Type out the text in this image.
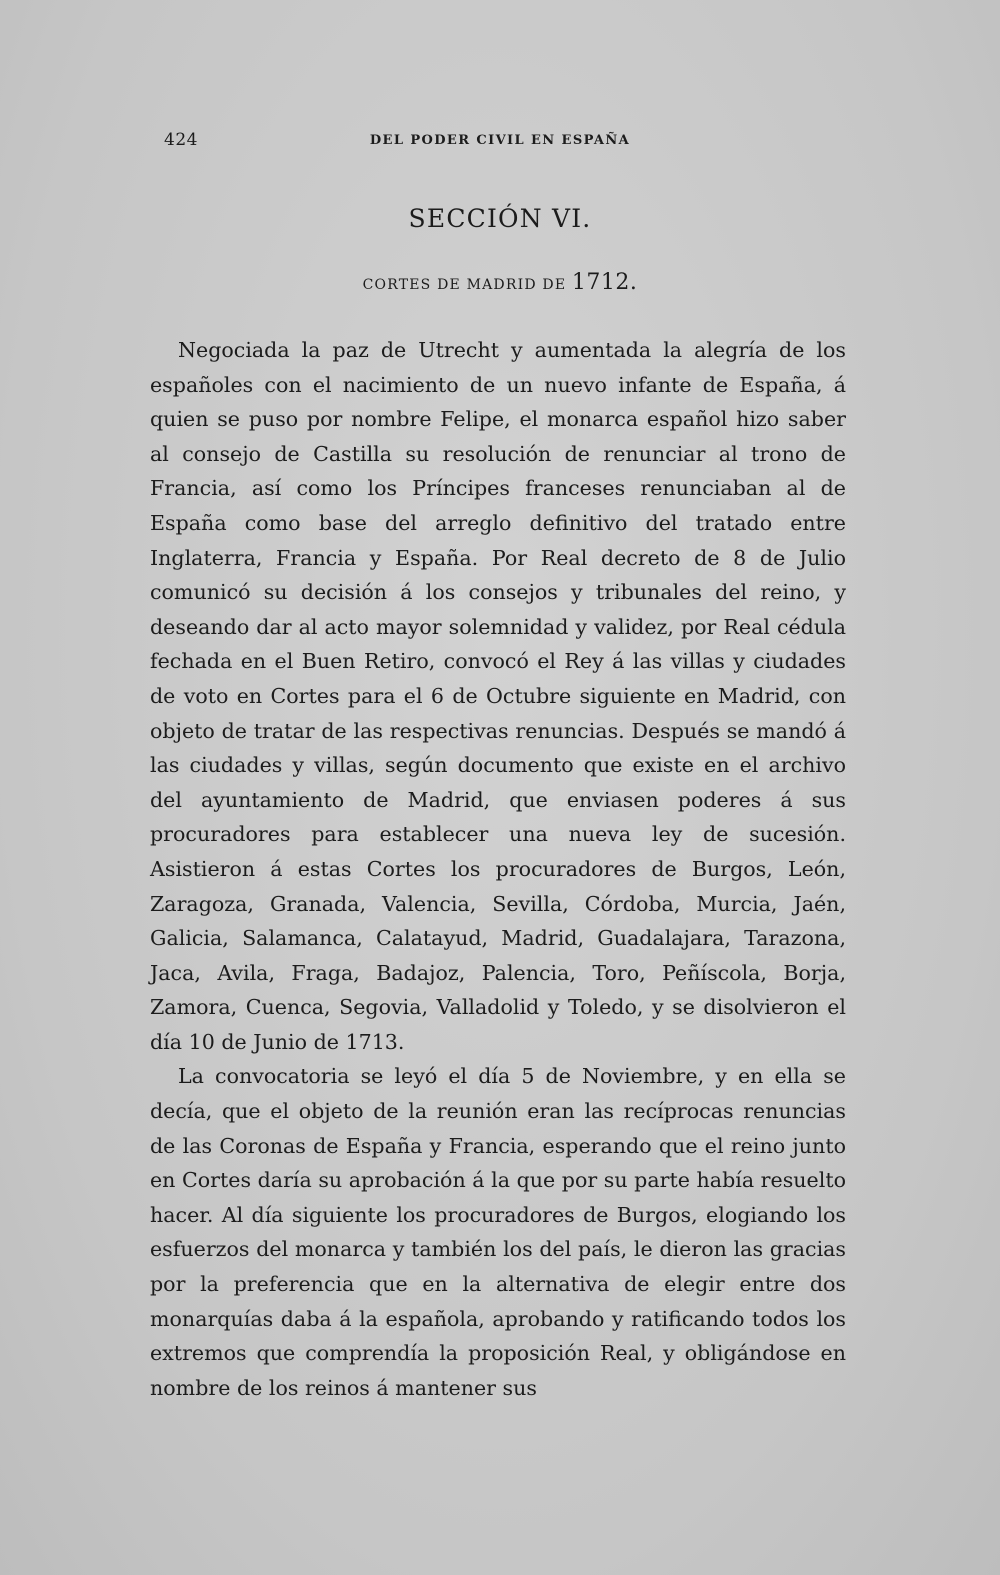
424	DEL PODER CIVIL EN ESPAÑA
SECCIÓN VI.
CORTES DE MADRID DE 1712.

Negociada la paz de Utrecht y aumentada la alegría de los españoles con el nacimiento de un nuevo infante de España, á quien se puso por nombre Felipe, el monarca español hizo saber al consejo de Castilla su resolución de renunciar al trono de Francia, así como los Príncipes franceses renunciaban al de España como base del arreglo definitivo del tratado entre Inglaterra, Francia y España. Por Real decreto de 8 de Julio comunicó su decisión á los consejos y tribunales del reino, y deseando dar al acto mayor solemnidad y validez, por Real cédula fechada en el Buen Retiro, convocó el Rey á las villas y ciudades de voto en Cortes para el 6 de Octubre siguiente en Madrid, con objeto de tratar de las respectivas renuncias. Después se mandó á las ciudades y villas, según documento que existe en el archivo del ayuntamiento de Madrid, que enviasen poderes á sus procuradores para establecer una nueva ley de sucesión. Asistieron á estas Cortes los procuradores de Burgos, León, Zaragoza, Granada, Valencia, Sevilla, Córdoba, Murcia, Jaén, Galicia, Salamanca, Calatayud, Madrid, Guadalajara, Tarazona, Jaca, Avila, Fraga, Badajoz, Palencia, Toro, Peñíscola, Borja, Zamora, Cuenca, Segovia, Valladolid y Toledo, y se disolvieron el día 10 de Junio de 1713.

La convocatoria se leyó el día 5 de Noviembre, y en ella se decía, que el objeto de la reunión eran las recíprocas renuncias de las Coronas de España y Francia, esperando que el reino junto en Cortes daría su aprobación á la que por su parte había resuelto hacer. Al día siguiente los procuradores de Burgos, elogiando los esfuerzos del monarca y también los del país, le dieron las gracias por la preferencia que en la alternativa de elegir entre dos monarquías daba á la española, aprobando y ratificando todos los extremos que comprendía la proposición Real, y obligándose en nombre de los reinos á mantener sus
